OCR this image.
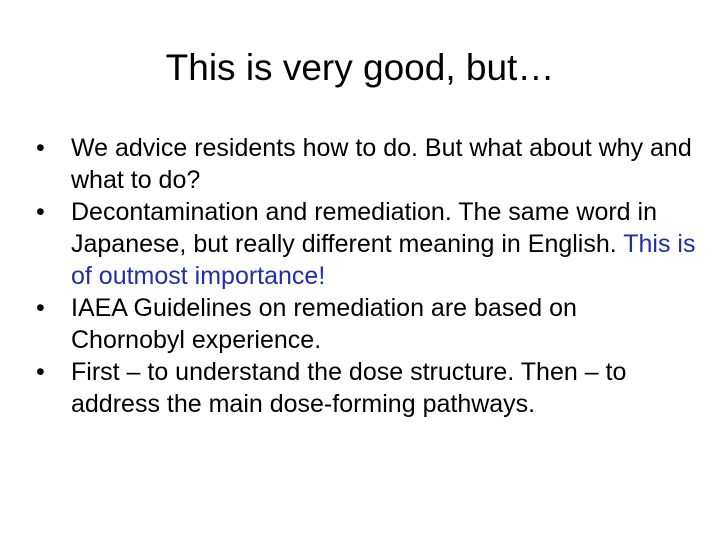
This is very good, but…
•	We advice residents how to do. But what about why and what to do?
•	Decontamination and remediation. The same word in Japanese, but really different meaning in English. This is of outmost importance!
•	IAEA Guidelines on remediation are based on Chornobyl experience.
•	First – to understand the dose structure. Then – to address the main dose-forming pathways.
